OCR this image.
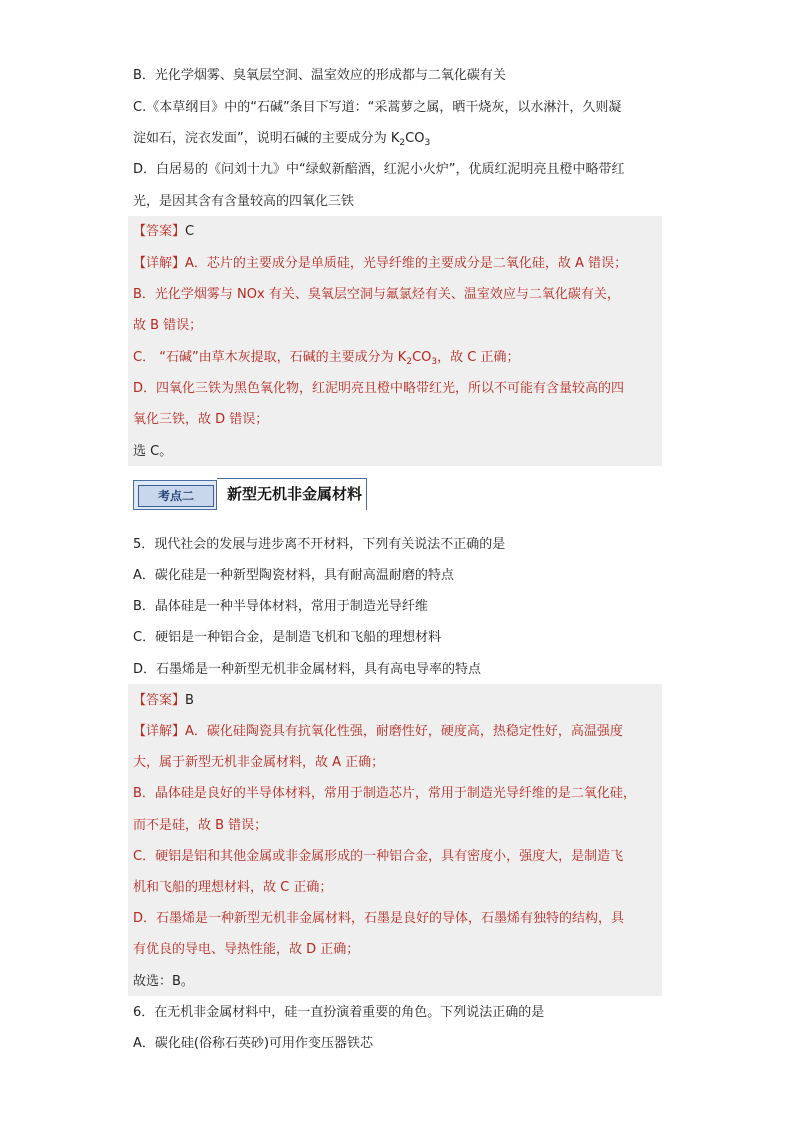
B．光化学烟雾、臭氧层空洞、温室效应的形成都与二氧化碳有关
C.《本草纲目》中的“石碱”条目下写道：“采蒿萝之属，晒干烧灰，以水淋汁，久则凝
淀如石，浣衣发面”，说明石碱的主要成分为 $K_2CO_3$
D．白居易的《问刘十九》中“绿蚁新醅酒，红泥小火炉”，优质红泥明亮且橙中略带红
光，是因其含有含量较高的四氧化三铁
【答案】C
【详解】A．芯片的主要成分是单质硅，光导纤维的主要成分是二氧化硅，故 A 错误；
B．光化学烟雾与 NOx 有关、臭氧层空洞与氟氯烃有关、温室效应与二氧化碳有关，
故 B 错误；
C． “石碱”由草木灰提取，石碱的主要成分为 $K_2CO_3$，故 C 正确；
D．四氧化三铁为黑色氧化物，红泥明亮且橙中略带红光，所以不可能有含量较高的四
氧化三铁，故 D 错误；
选 C。
考点二	新型无机非金属材料
5．现代社会的发展与进步离不开材料，下列有关说法不正确的是
A．碳化硅是一种新型陶瓷材料，具有耐高温耐磨的特点
B．晶体硅是一种半导体材料，常用于制造光导纤维
C．硬铝是一种铝合金，是制造飞机和飞船的理想材料
D．石墨烯是一种新型无机非金属材料，具有高电导率的特点
【答案】B
【详解】A．碳化硅陶瓷具有抗氧化性强，耐磨性好，硬度高，热稳定性好，高温强度
大，属于新型无机非金属材料，故 A 正确；
B．晶体硅是良好的半导体材料，常用于制造芯片，常用于制造光导纤维的是二氧化硅，
而不是硅，故 B 错误；
C．硬铝是铝和其他金属或非金属形成的一种铝合金，具有密度小，强度大，是制造飞
机和飞船的理想材料，故 C 正确；
D．石墨烯是一种新型无机非金属材料，石墨是良好的导体，石墨烯有独特的结构，具
有优良的导电、导热性能，故 D 正确；
故选：B。
6．在无机非金属材料中，硅一直扮演着重要的角色。下列说法正确的是
A．碳化硅(俗称石英砂)可用作变压器铁芯
